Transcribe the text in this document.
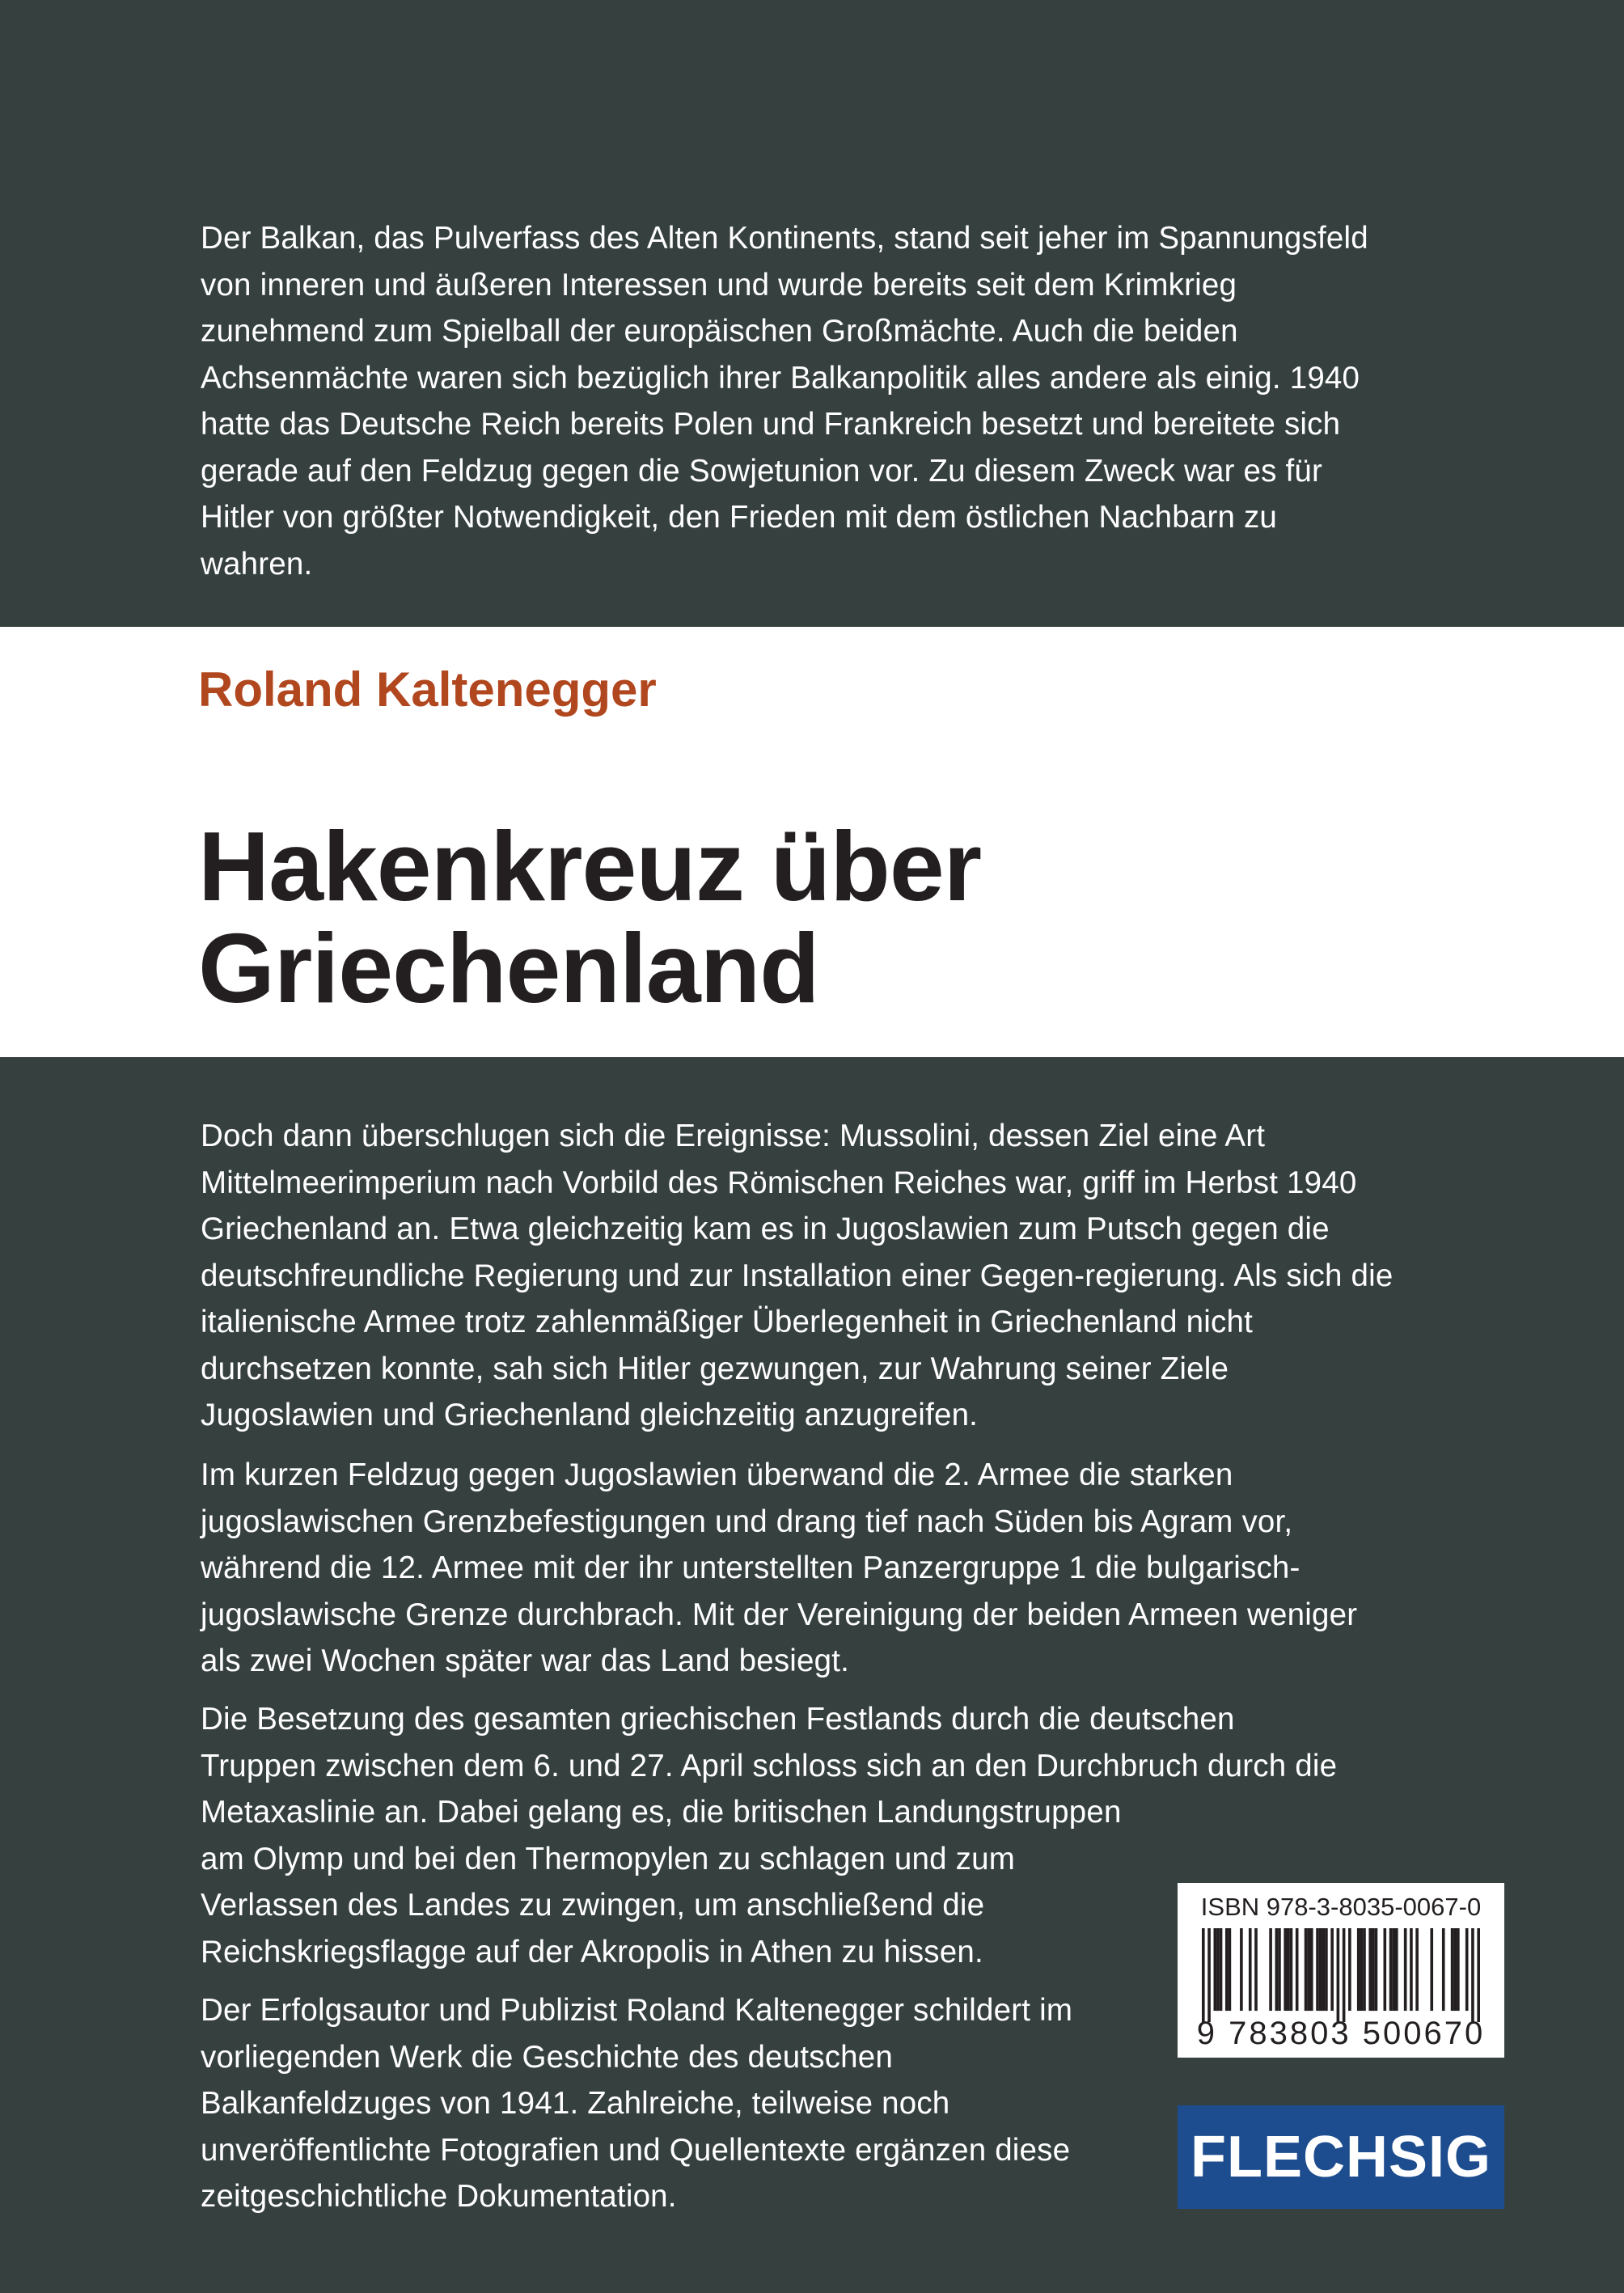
Der Balkan, das Pulverfass des Alten Kontinents, stand seit jeher im Spannungsfeld von inneren und äußeren Interessen und wurde bereits seit dem Krimkrieg zunehmend zum Spielball der europäischen Großmächte. Auch die beiden Achsenmächte waren sich bezüglich ihrer Balkanpolitik alles andere als einig. 1940 hatte das Deutsche Reich bereits Polen und Frankreich besetzt und bereitete sich gerade auf den Feldzug gegen die Sowjetunion vor. Zu diesem Zweck war es für Hitler von größter Notwendigkeit, den Frieden mit dem östlichen Nachbarn zu wahren.

Roland Kaltenegger

Hakenkreuz über
Griechenland

Doch dann überschlugen sich die Ereignisse: Mussolini, dessen Ziel eine Art Mittelmeerimperium nach Vorbild des Römischen Reiches war, griff im Herbst 1940 Griechenland an. Etwa gleichzeitig kam es in Jugoslawien zum Putsch gegen die deutschfreundliche Regierung und zur Installation einer Gegen-regierung. Als sich die italienische Armee trotz zahlenmäßiger Überlegenheit in Griechenland nicht durchsetzen konnte, sah sich Hitler gezwungen, zur Wahrung seiner Ziele Jugoslawien und Griechenland gleichzeitig anzugreifen.

Im kurzen Feldzug gegen Jugoslawien überwand die 2. Armee die starken jugoslawischen Grenzbefestigungen und drang tief nach Süden bis Agram vor, während die 12. Armee mit der ihr unterstellten Panzergruppe 1 die bulgarisch-jugoslawische Grenze durchbrach. Mit der Vereinigung der beiden Armeen weniger als zwei Wochen später war das Land besiegt.

Die Besetzung des gesamten griechischen Festlands durch die deutschen Truppen zwischen dem 6. und 27. April schloss sich an den Durchbruch durch die Metaxaslinie an. Dabei gelang es, die britischen Landungstruppen
am Olymp und bei den Thermopylen zu schlagen und zum Verlassen des Landes zu zwingen, um anschließend die Reichskriegsflagge auf der Akropolis in Athen zu hissen.

Der Erfolgsautor und Publizist Roland Kaltenegger schildert im vorliegenden Werk die Geschichte des deutschen Balkanfeldzuges von 1941. Zahlreiche, teilweise noch unveröffentlichte Fotografien und Quellentexte ergänzen diese zeitgeschichtliche Dokumentation.

ISBN 978-3-8035-0067-0

9 783803 500670

FLECHSIG
